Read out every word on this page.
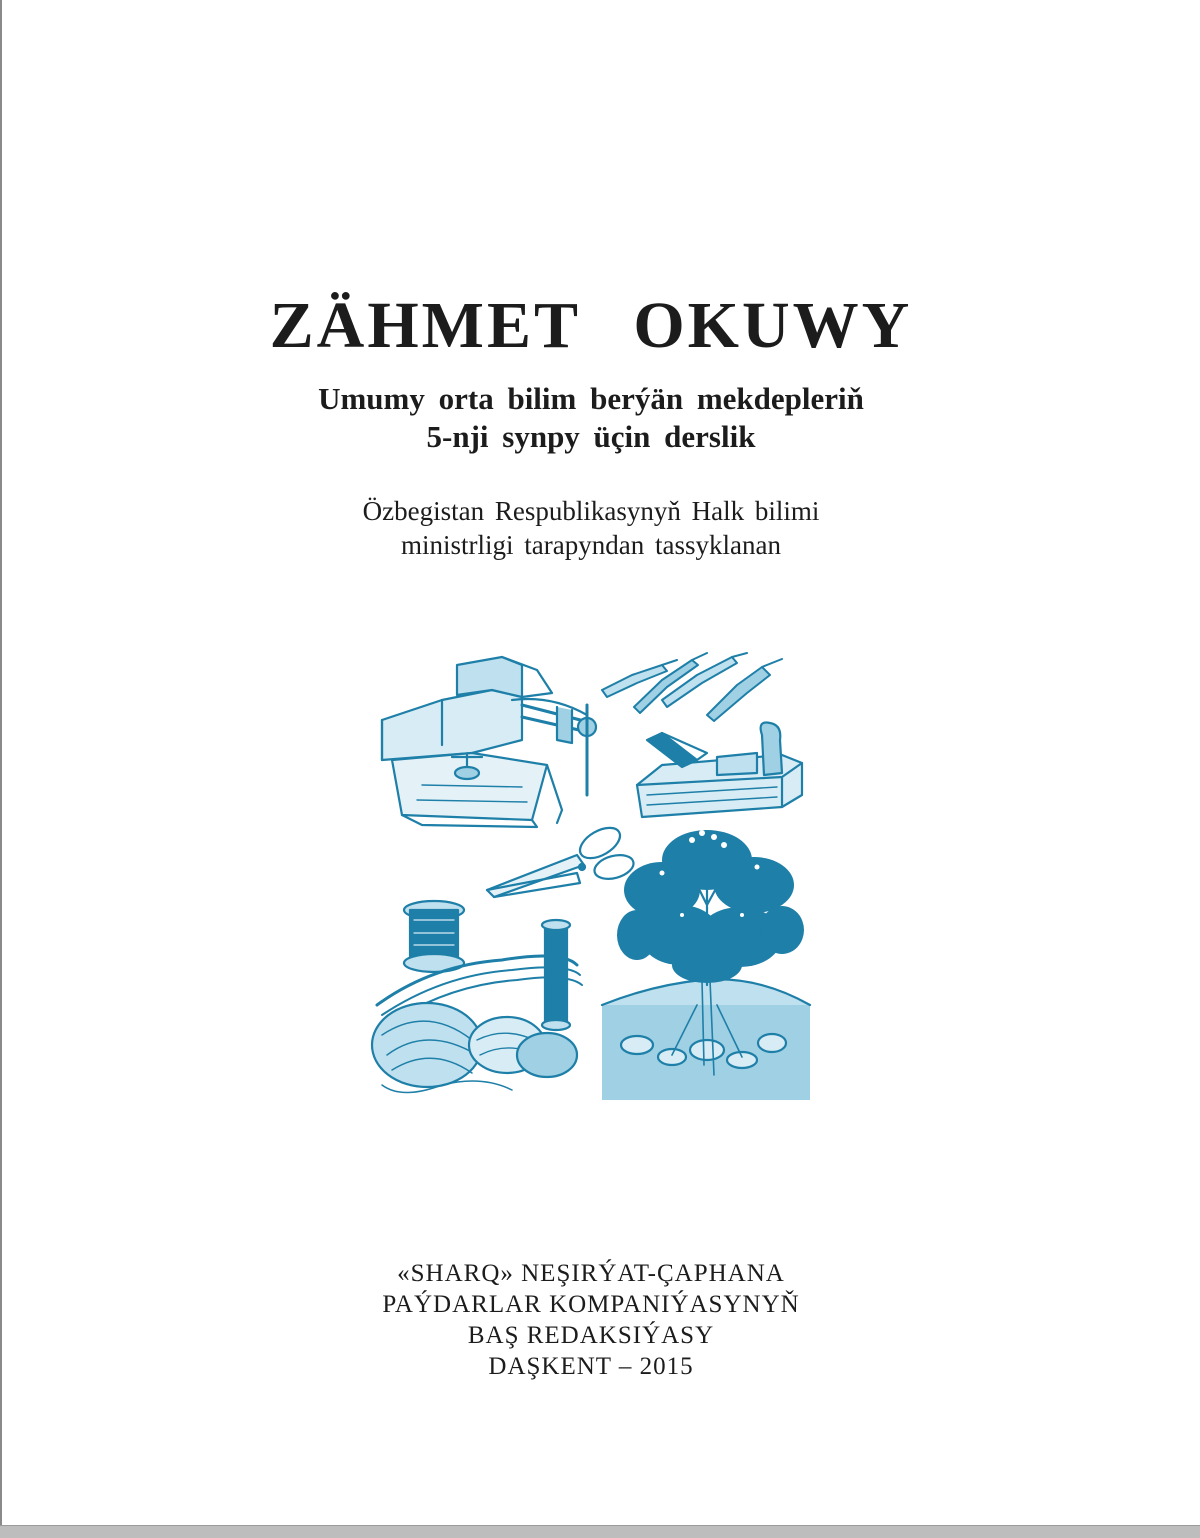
ZÄHMET OKUWY
Umumy orta bilim berýän mekdepleriň
5-nji synpy üçin derslik
Özbegistan Respublikasynyň Halk bilimi
ministrligi tarapyndan tassyklanan
«SHARQ» NEŞIRÝAT-ÇAPHANA
PAÝDARLAR KOMPANIÝASYNYŇ
BAŞ REDAKSIÝASY
DAŞKENT – 2015
